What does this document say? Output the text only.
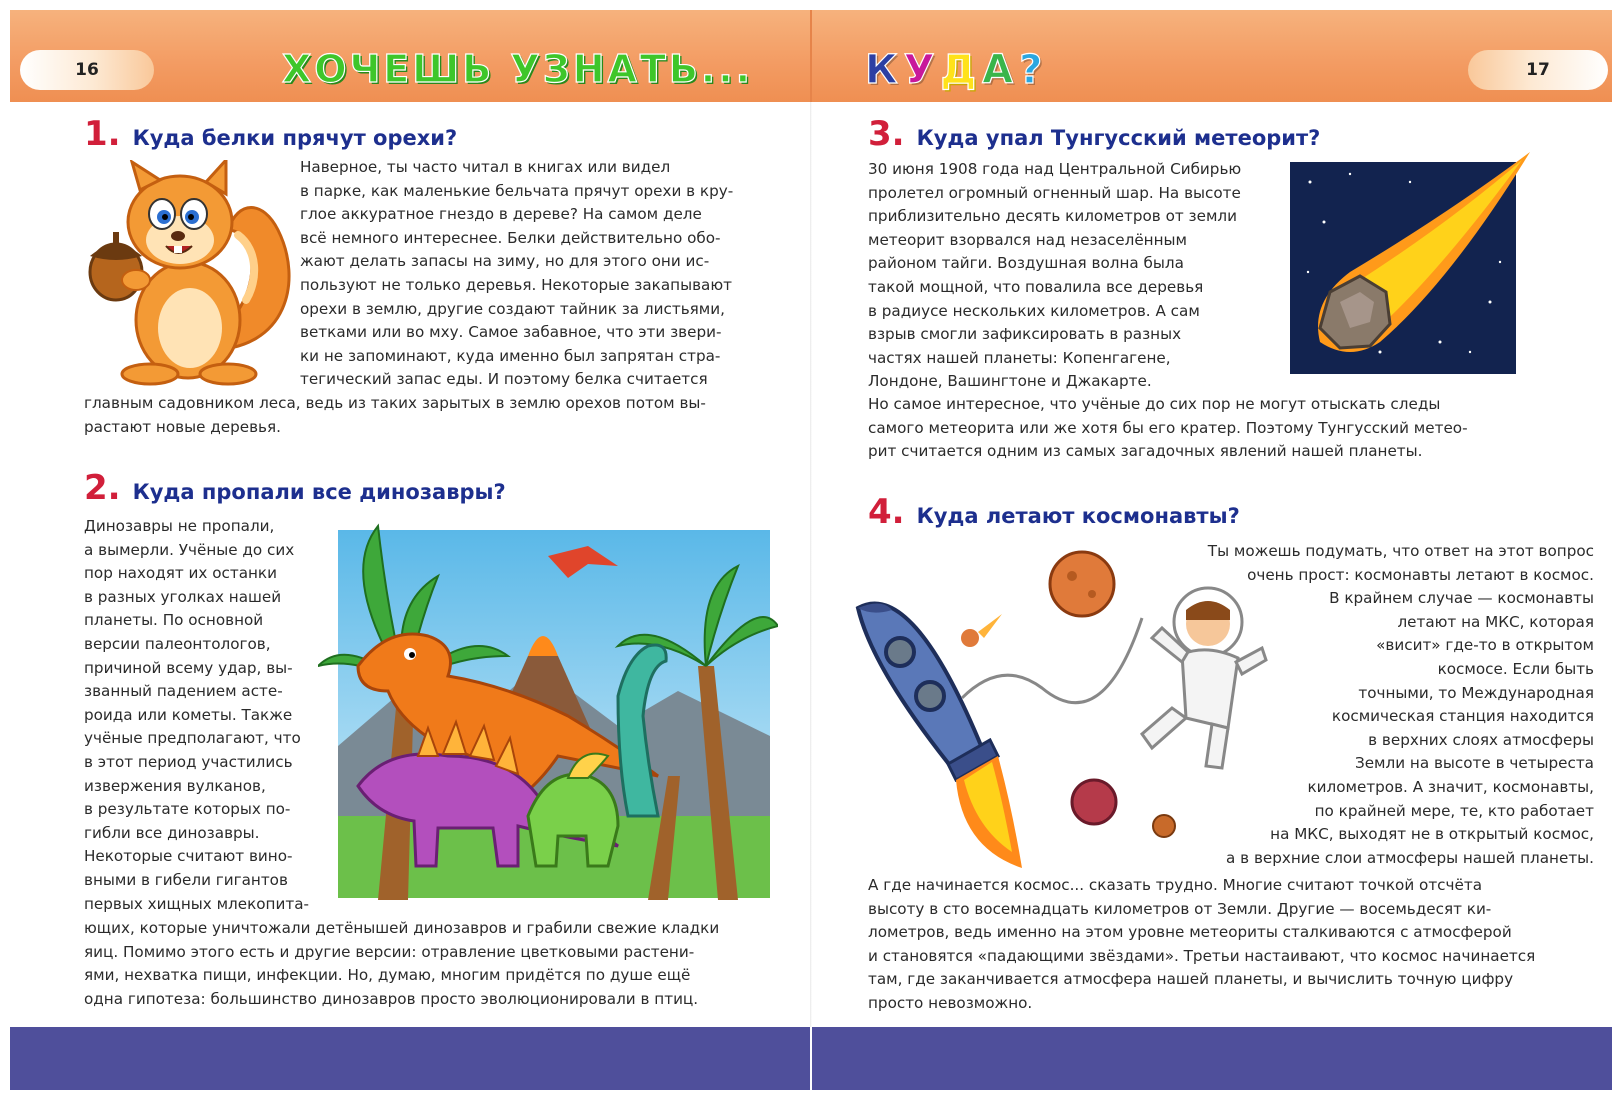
16	17
ХОЧЕШЬ УЗНАТЬ...	К У Д А ?
1. Куда белки прячут орехи?
Наверное, ты часто читал в книгах или видел
в парке, как маленькие бельчата прячут орехи в кру-
глое аккуратное гнездо в дереве? На самом деле
всё немного интереснее. Белки действительно обо-
жают делать запасы на зиму, но для этого они ис-
пользуют не только деревья. Некоторые закапывают
орехи в землю, другие создают тайник за листьями,
ветками или во мху. Самое забавное, что эти звери-
ки не запоминают, куда именно был запрятан стра-
тегический запас еды. И поэтому белка считается
главным садовником леса, ведь из таких зарытых в землю орехов потом вы-
растают новые деревья.
2. Куда пропали все динозавры?
Динозавры не пропали,
а вымерли. Учёные до сих
пор находят их останки
в разных уголках нашей
планеты. По основной
версии палеонтологов,
причиной всему удар, вы-
званный падением асте-
роида или кометы. Также
учёные предполагают, что
в этот период участились
извержения вулканов,
в результате которых по-
гибли все динозавры.
Некоторые считают вино-
вными в гибели гигантов
первых хищных млекопита-
ющих, которые уничтожали детёнышей динозавров и грабили свежие кладки
яиц. Помимо этого есть и другие версии: отравление цветковыми растени-
ями, нехватка пищи, инфекции. Но, думаю, многим придётся по душе ещё
одна гипотеза: большинство динозавров просто эволюционировали в птиц.
3. Куда упал Тунгусский метеорит?
30 июня 1908 года над Центральной Сибирью
пролетел огромный огненный шар. На высоте
приблизительно десять километров от земли
метеорит взорвался над незаселённым
районом тайги. Воздушная волна была
такой мощной, что повалила все деревья
в радиусе нескольких километров. А сам
взрыв смогли зафиксировать в разных
частях нашей планеты: Копенгагене,
Лондоне, Вашингтоне и Джакарте.
Но самое интересное, что учёные до сих пор не могут отыскать следы
самого метеорита или же хотя бы его кратер. Поэтому Тунгусский метео-
рит считается одним из самых загадочных явлений нашей планеты.
4. Куда летают космонавты?
Ты можешь подумать, что ответ на этот вопрос
очень прост: космонавты летают в космос.
В крайнем случае — космонавты
летают на МКС, которая
«висит» где-то в открытом
космосе. Если быть
точными, то Международная
космическая станция находится
в верхних слоях атмосферы
Земли на высоте в четыреста
километров. А значит, космонавты,
по крайней мере, те, кто работает
на МКС, выходят не в открытый космос,
а в верхние слои атмосферы нашей планеты.
А где начинается космос... сказать трудно. Многие считают точкой отсчёта
высоту в сто восемнадцать километров от Земли. Другие — восемьдесят ки-
лометров, ведь именно на этом уровне метеориты сталкиваются с атмосферой
и становятся «падающими звёздами». Третьи настаивают, что космос начинается
там, где заканчивается атмосфера нашей планеты, и вычислить точную цифру
просто невозможно.
